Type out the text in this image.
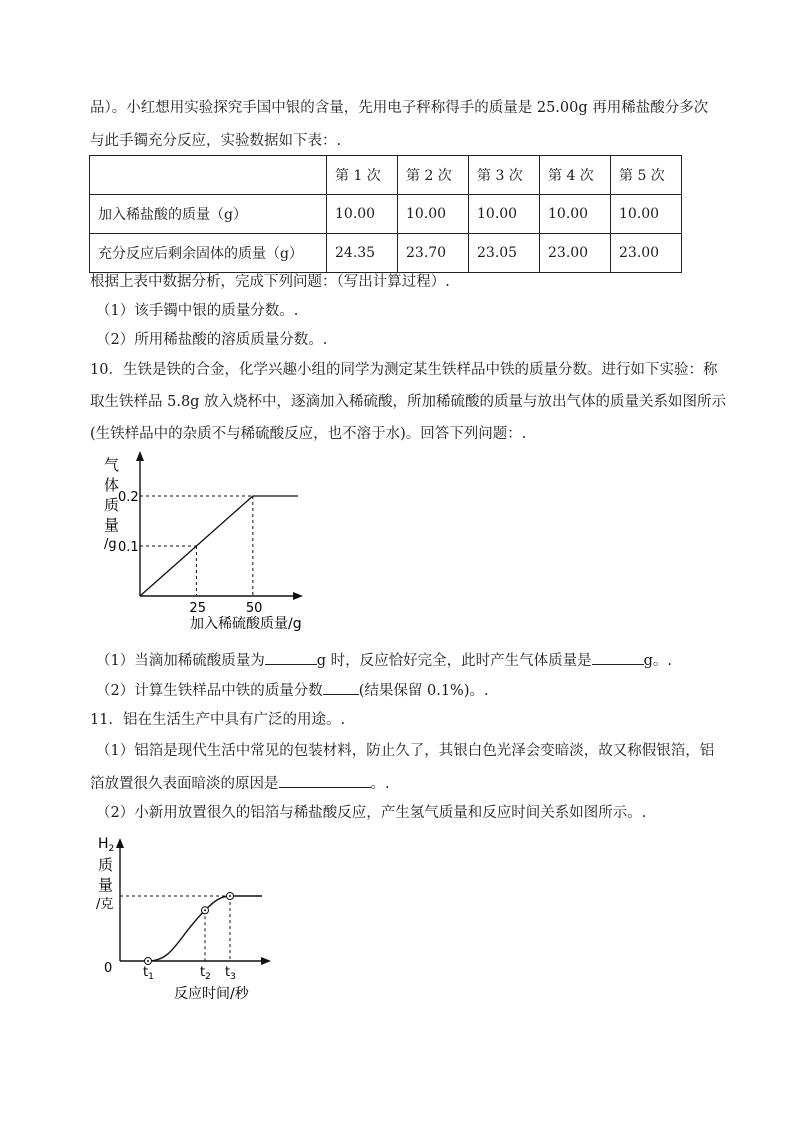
品）。小红想用实验探究手国中银的含量，先用电子秤称得手的质量是 25.00g 再用稀盐酸分多次
与此手镯充分反应，实验数据如下表：.
	第 1 次	第 2 次	第 3 次	第 4 次	第 5 次
加入稀盐酸的质量（g）	10.00	10.00	10.00	10.00	10.00
充分反应后剩余固体的质量（g）	24.35	23.70	23.05	23.00	23.00
根据上表中数据分析，完成下列问题：（写出计算过程）.
（1）该手镯中银的质量分数。.
（2）所用稀盐酸的溶质质量分数。.
10．生铁是铁的合金，化学兴趣小组的同学为测定某生铁样品中铁的质量分数。进行如下实验：称
取生铁样品 5.8g 放入烧杯中，逐滴加入稀硫酸，所加稀硫酸的质量与放出气体的质量关系如图所示
(生铁样品中的杂质不与稀硫酸反应，也不溶于水)。回答下列问题：.
气
体
质
量
/g
25
0.1
50
0.2
加入稀硫酸质量/g
（1）当滴加稀硫酸质量为	g 时，反应恰好完全，此时产生气体质量是	g。.
（2）计算生铁样品中铁的质量分数 (结果保留 0.1%)。.
11．铝在生活生产中具有广泛的用途。.
（1）铝箔是现代生活中常见的包装材料，防止久了，其银白色光泽会变暗淡，故又称假银箔，铝
箔放置很久表面暗淡的原因是	。.
（2）小新用放置很久的铝箔与稀盐酸反应，产生氢气质量和反应时间关系如图所示。.
$H_2$
质
量
/克
0 $t_1$	$t_2$ $t_3$
反应时间/秒
